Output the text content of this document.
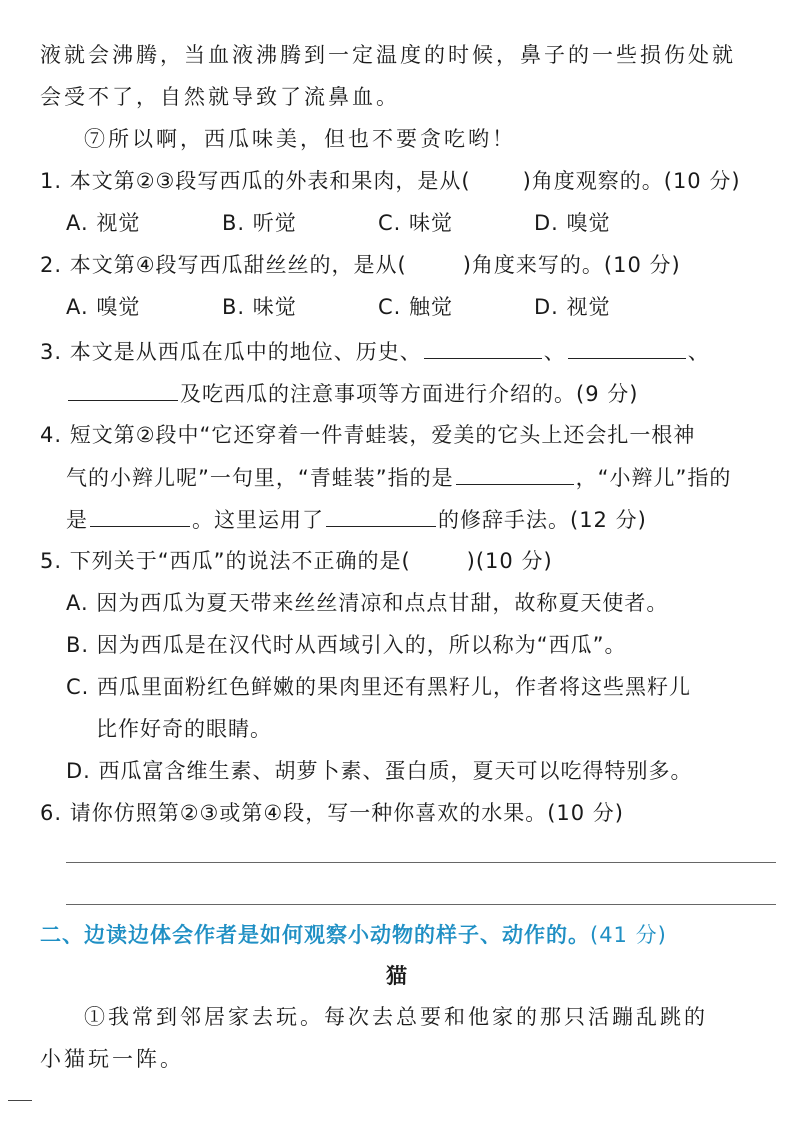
液就会沸腾，当血液沸腾到一定温度的时候，鼻子的一些损伤处就
会受不了，自然就导致了流鼻血。
⑦所以啊，西瓜味美，但也不要贪吃哟！
1. 本文第②③段写西瓜的外表和果肉，是从( )角度观察的。(10 分)
A. 视觉	B. 听觉	C. 味觉	D. 嗅觉
2. 本文第④段写西瓜甜丝丝的，是从(	)角度来写的。(10 分)
A. 嗅觉	B. 味觉	C. 触觉	D. 视觉
3. 本文是从西瓜在瓜中的地位、历史、	、	、
及吃西瓜的注意事项等方面进行介绍的。(9 分)
4. 短文第②段中“它还穿着一件青蛙装，爱美的它头上还会扎一根神
气的小辫儿呢”一句里，“青蛙装”指的是	，“小辫儿”指的
是	。这里运用了	的修辞手法。(12 分)
5. 下列关于“西瓜”的说法不正确的是(	)(10 分)
A. 因为西瓜为夏天带来丝丝清凉和点点甘甜，故称夏天使者。
B. 因为西瓜是在汉代时从西域引入的，所以称为“西瓜”。
C. 西瓜里面粉红色鲜嫩的果肉里还有黑籽儿，作者将这些黑籽儿
比作好奇的眼睛。
D. 西瓜富含维生素、胡萝卜素、蛋白质，夏天可以吃得特别多。
6. 请你仿照第②③或第④段，写一种你喜欢的水果。(10 分)
二、边读边体会作者是如何观察小动物的样子、动作的。(41 分)
猫
①我常到邻居家去玩。每次去总要和他家的那只活蹦乱跳的
小猫玩一阵。
